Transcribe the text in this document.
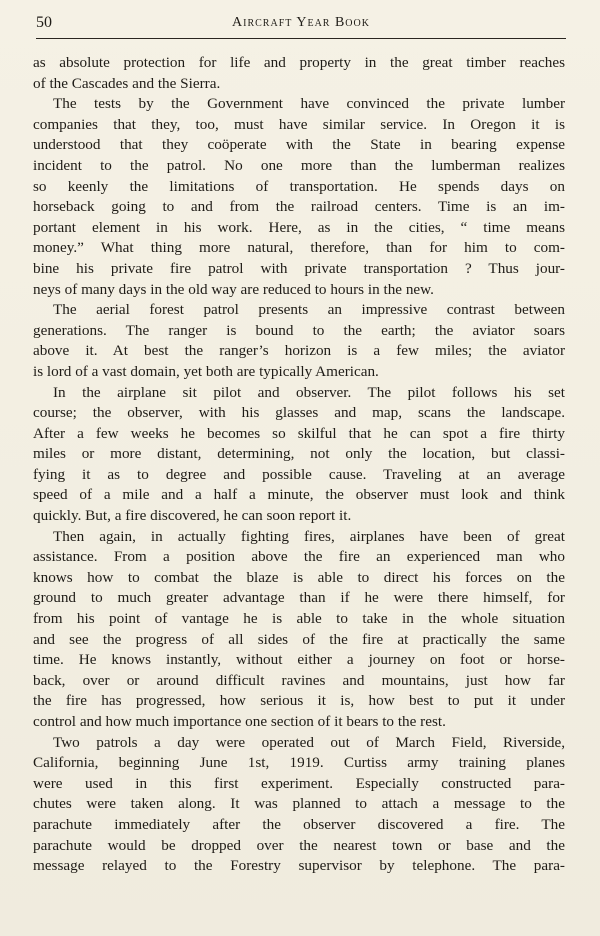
50	Aircraft Year Book
as absolute protection for life and property in the great timber reaches
of the Cascades and the Sierra.
The tests by the Government have convinced the private lumber
companies that they, too, must have similar service. In Oregon it is
understood that they coöperate with the State in bearing expense
incident to the patrol. No one more than the lumberman realizes
so keenly the limitations of transportation. He spends days on
horseback going to and from the railroad centers. Time is an im-
portant element in his work. Here, as in the cities, “ time means
money.” What thing more natural, therefore, than for him to com-
bine his private fire patrol with private transportation ? Thus jour-
neys of many days in the old way are reduced to hours in the new.
The aerial forest patrol presents an impressive contrast between
generations. The ranger is bound to the earth; the aviator soars
above it. At best the ranger’s horizon is a few miles; the aviator
is lord of a vast domain, yet both are typically American.
In the airplane sit pilot and observer. The pilot follows his set
course; the observer, with his glasses and map, scans the landscape.
After a few weeks he becomes so skilful that he can spot a fire thirty
miles or more distant, determining, not only the location, but classi-
fying it as to degree and possible cause. Traveling at an average
speed of a mile and a half a minute, the observer must look and think
quickly. But, a fire discovered, he can soon report it.
Then again, in actually fighting fires, airplanes have been of great
assistance. From a position above the fire an experienced man who
knows how to combat the blaze is able to direct his forces on the
ground to much greater advantage than if he were there himself, for
from his point of vantage he is able to take in the whole situation
and see the progress of all sides of the fire at practically the same
time. He knows instantly, without either a journey on foot or horse-
back, over or around difficult ravines and mountains, just how far
the fire has progressed, how serious it is, how best to put it under
control and how much importance one section of it bears to the rest.
Two patrols a day were operated out of March Field, Riverside,
California, beginning June 1st, 1919. Curtiss army training planes
were used in this first experiment. Especially constructed para-
chutes were taken along. It was planned to attach a message to the
parachute immediately after the observer discovered a fire. The
parachute would be dropped over the nearest town or base and the
message relayed to the Forestry supervisor by telephone. The para-
